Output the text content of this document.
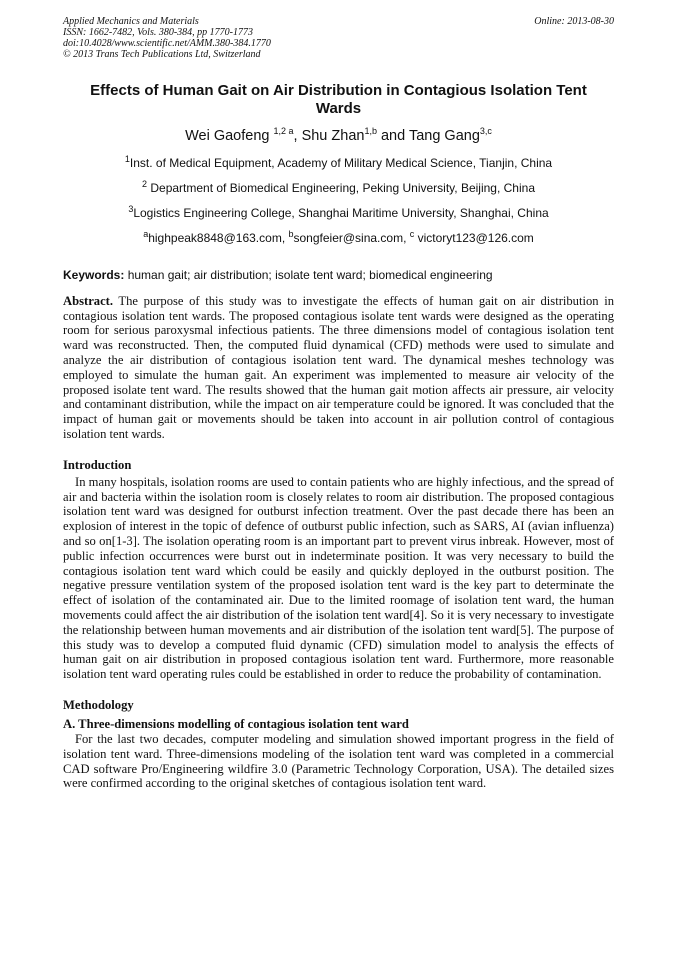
Applied Mechanics and Materials
ISSN: 1662-7482, Vols. 380-384, pp 1770-1773
doi:10.4028/www.scientific.net/AMM.380-384.1770
© 2013 Trans Tech Publications Ltd, Switzerland
Online: 2013-08-30
Effects of Human Gait on Air Distribution in Contagious Isolation Tent Wards
Wei Gaofeng $^{1,2 a}$, Shu Zhan$^{1,b}$ and Tang Gang$^{3,c}$
$^1$Inst. of Medical Equipment, Academy of Military Medical Science, Tianjin, China
$^2$ Department of Biomedical Engineering, Peking University, Beijing, China
$^3$Logistics Engineering College, Shanghai Maritime University, Shanghai, China
$^a$highpeak8848@163.com, $^b$songfeier@sina.com, $^c$ victoryt123@126.com
Keywords: human gait; air distribution; isolate tent ward; biomedical engineering
Abstract. The purpose of this study was to investigate the effects of human gait on air distribution in contagious isolation tent wards. The proposed contagious isolate tent wards were designed as the operating room for serious paroxysmal infectious patients. The three dimensions model of contagious isolation tent ward was reconstructed. Then, the computed fluid dynamical (CFD) methods were used to simulate and analyze the air distribution of contagious isolation tent ward. The dynamical meshes technology was employed to simulate the human gait. An experiment was implemented to measure air velocity of the proposed isolate tent ward. The results showed that the human gait motion affects air pressure, air velocity and contaminant distribution, while the impact on air temperature could be ignored. It was concluded that the impact of human gait or movements should be taken into account in air pollution control of contagious isolation tent wards.
Introduction
In many hospitals, isolation rooms are used to contain patients who are highly infectious, and the spread of air and bacteria within the isolation room is closely relates to room air distribution. The proposed contagious isolation tent ward was designed for outburst infection treatment. Over the past decade there has been an explosion of interest in the topic of defence of outburst public infection, such as SARS, AI (avian influenza) and so on[1-3]. The isolation operating room is an important part to prevent virus inbreak. However, most of public infection occurrences were burst out in indeterminate position. It was very necessary to build the contagious isolation tent ward which could be easily and quickly deployed in the outburst position. The negative pressure ventilation system of the proposed isolation tent ward is the key part to determinate the effect of isolation of the contaminated air. Due to the limited roomage of isolation tent ward, the human movements could affect the air distribution of the isolation tent ward[4]. So it is very necessary to investigate the relationship between human movements and air distribution of the isolation tent ward[5]. The purpose of this study was to develop a computed fluid dynamic (CFD) simulation model to analysis the effects of human gait on air distribution in proposed contagious isolation tent ward. Furthermore, more reasonable isolation tent ward operating rules could be established in order to reduce the probability of contamination.
Methodology
A. Three-dimensions modelling of contagious isolation tent ward
For the last two decades, computer modeling and simulation showed important progress in the field of isolation tent ward. Three-dimensions modeling of the isolation tent ward was completed in a commercial CAD software Pro/Engineering wildfire 3.0 (Parametric Technology Corporation, USA). The detailed sizes were confirmed according to the original sketches of contagious isolation tent ward.
